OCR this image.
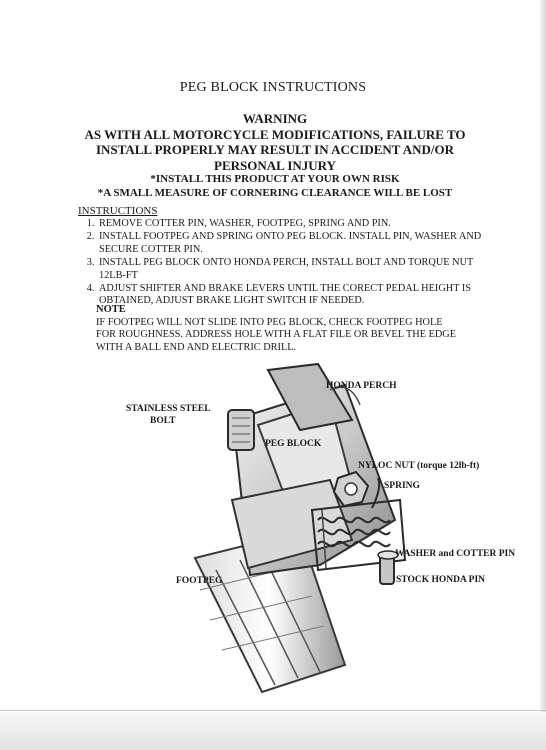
PEG BLOCK INSTRUCTIONS
WARNING
AS WITH ALL MOTORCYCLE MODIFICATIONS, FAILURE TO
INSTALL PROPERLY MAY RESULT IN ACCIDENT AND/OR
PERSONAL INJURY
*INSTALL THIS PRODUCT AT YOUR OWN RISK
*A SMALL MEASURE OF CORNERING CLEARANCE WILL BE LOST
INSTRUCTIONS
1. REMOVE COTTER PIN, WASHER, FOOTPEG, SPRING AND PIN.
2. INSTALL FOOTPEG AND SPRING ONTO PEG BLOCK. INSTALL PIN, WASHER AND SECURE COTTER PIN.
3. INSTALL PEG BLOCK ONTO HONDA PERCH, INSTALL BOLT AND TORQUE NUT 12LB-FT
4. ADJUST SHIFTER AND BRAKE LEVERS UNTIL THE CORECT PEDAL HEIGHT IS OBTAINED, ADJUST BRAKE LIGHT SWITCH IF NEEDED.
NOTE
IF FOOTPEG WILL NOT SLIDE INTO PEG BLOCK, CHECK FOOTPEG HOLE FOR ROUGHNESS. ADDRESS HOLE WITH A FLAT FILE OR BEVEL THE EDGE WITH A BALL END AND ELECTRIC DRILL.
HONDA PERCH
STAINLESS STEEL
BOLT
PEG BLOCK
NYLOC NUT (torque 12lb-ft)
SPRING
WASHER and COTTER PIN
FOOTPEG	STOCK HONDA PIN
